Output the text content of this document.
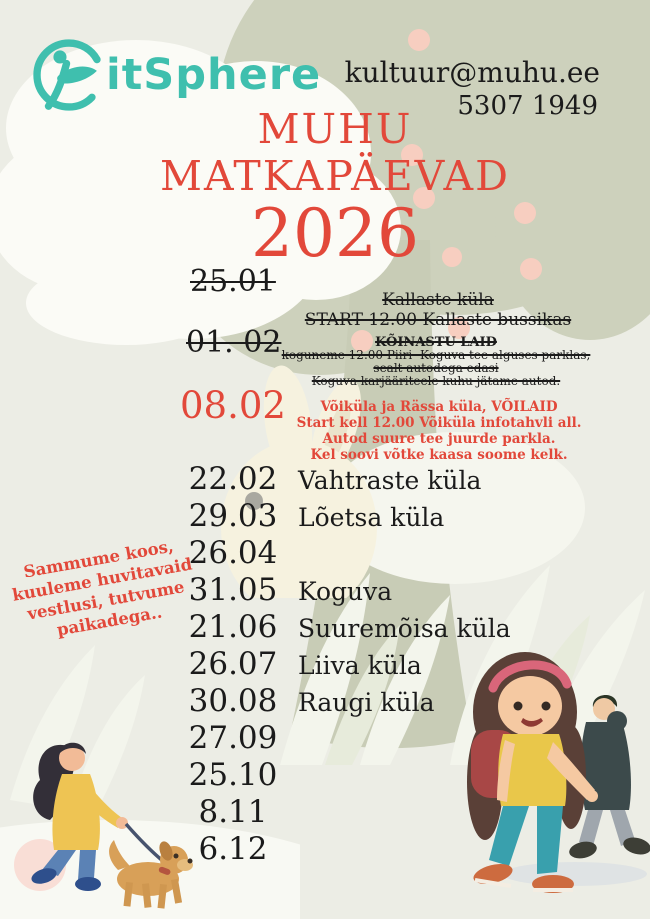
itSphere kultuur@muhu.ee
5307 1949
MUHU
MATKAPÄEVAD
2026
25.01
Kallaste küla
START 12.00 Kallaste bussikas
01. 02	KÕINASTU LAID
koguneme 12.00 Piiri -Koguva tee alguses parklas,
sealt autodega edasi
Koguva karjääriteele kuhu jätame autod.
08.02	Võiküla ja Rässa küla, VÕILAID
Start kell 12.00 Võiküla infotahvli all.
Autod suure tee juurde parkla.
Kel soovi võtke kaasa soome kelk.
22.02 Vahtraste küla
29.03 Lõetsa küla
26.04
31.05 Koguva
21.06 Suuremõisa küla
26.07 Liiva küla
30.08 Raugi küla
27.09
25.10
8.11
6.12
Sammume koos, kuuleme huvitavaid vestlusi, tutvume paikadega..
